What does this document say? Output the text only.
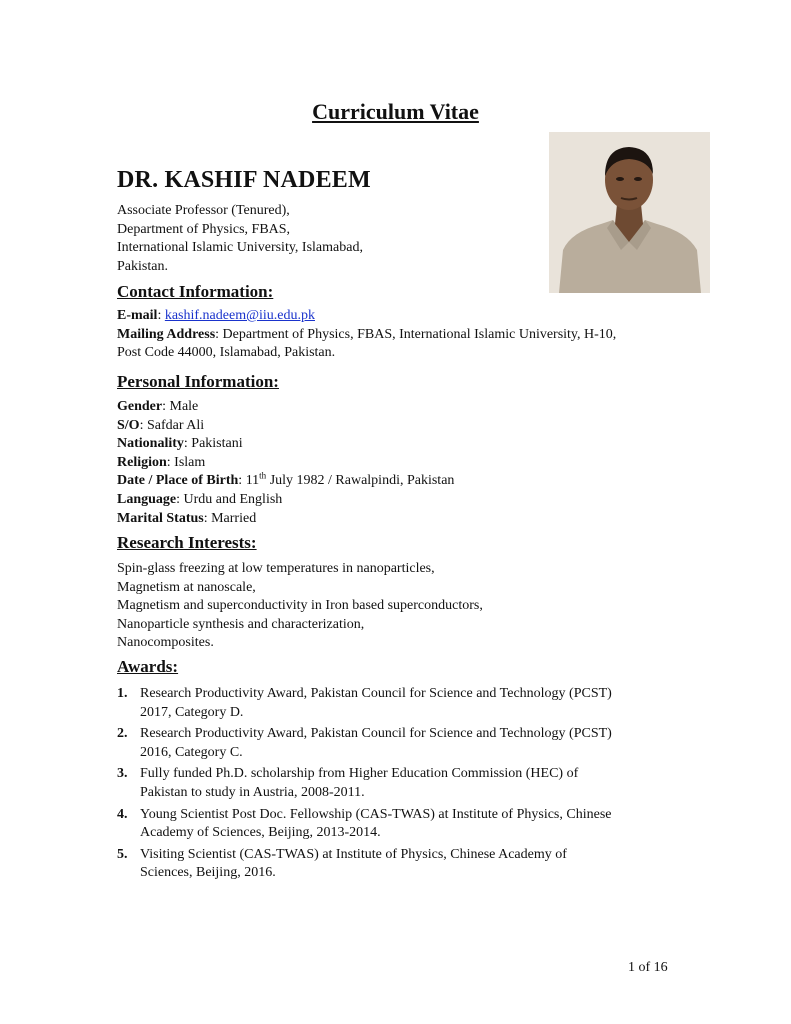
Curriculum Vitae
DR. KASHIF NADEEM
Associate Professor (Tenured),
Department of Physics, FBAS,
International Islamic University, Islamabad,
Pakistan.
Contact Information:
E-mail: kashif.nadeem@iiu.edu.pk
Mailing Address: Department of Physics, FBAS, International Islamic University, H-10,
Post Code 44000, Islamabad, Pakistan.
Personal Information:
Gender: Male
S/O: Safdar Ali
Nationality: Pakistani
Religion: Islam
Date / Place of Birth: 11th July 1982 / Rawalpindi, Pakistan
Language: Urdu and English
Marital Status: Married
Research Interests:
Spin-glass freezing at low temperatures in nanoparticles,
Magnetism at nanoscale,
Magnetism and superconductivity in Iron based superconductors,
Nanoparticle synthesis and characterization,
Nanocomposites.
Awards:
1. Research Productivity Award, Pakistan Council for Science and Technology (PCST)
2017, Category D.
2. Research Productivity Award, Pakistan Council for Science and Technology (PCST)
2016, Category C.
3. Fully funded Ph.D. scholarship from Higher Education Commission (HEC) of
Pakistan to study in Austria, 2008-2011.
4. Young Scientist Post Doc. Fellowship (CAS-TWAS) at Institute of Physics, Chinese
Academy of Sciences, Beijing, 2013-2014.
5. Visiting Scientist (CAS-TWAS) at Institute of Physics, Chinese Academy of
Sciences, Beijing, 2016.
1 of 16
